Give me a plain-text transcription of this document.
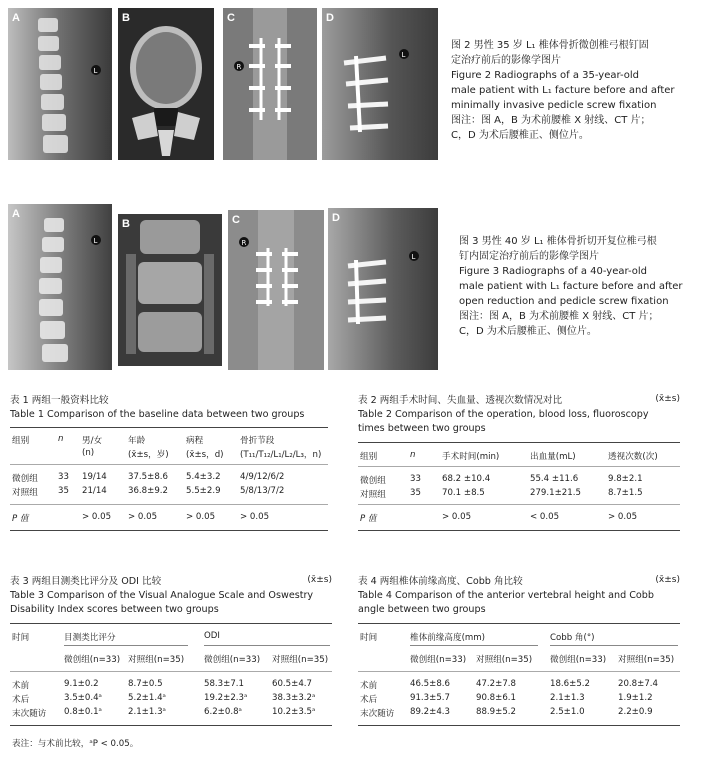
L
A	B
R
C
L
D
图 2 男性 35 岁 L₁ 椎体骨折微创椎弓根钉固
定治疗前后的影像学图片
Figure 2 Radiographs of a 35-year-old
male patient with L₁ facture before and after
minimally invasive pedicle screw fixation
图注：图 A，B 为术前腰椎 X 射线、CT 片；
C，D 为术后腰椎正、侧位片。
L
A
B
R
C
L
D
图 3 男性 40 岁 L₁ 椎体骨折切开复位椎弓根
钉内固定治疗前后的影像学图片
Figure 3 Radiographs of a 40-year-old
male patient with L₁ facture before and after
open reduction and pedicle screw fixation
图注：图 A，B 为术前腰椎 X 射线、CT 片；
C，D 为术后腰椎正、侧位片。
表 1 两组一般资料比较
Table 1 Comparison of the baseline data between two groups
组别	n 男/女	年龄	病程	骨折节段
(n)	(x̄±s，岁) (x̄±s，d) (T₁₁/T₁₂/L₁/L₂/L₃，n)
微创组 33 19/14 37.5±8.6 5.4±3.2 4/9/12/6/2
对照组 35 21/14 36.8±9.2 5.5±2.9 5/8/13/7/2
P 值	> 0.05 > 0.05	> 0.05	> 0.05
表 2 两组手术时间、失血量、透视次数情况对比	(x̄±s)
Table 2 Comparison of the operation, blood loss, fluoroscopy
times between two groups
组别	n	手术时间(min)	出血量(mL)	透视次数(次)
微创组	33 68.2 ±10.4	55.4 ±11.6	9.8±2.1
对照组	35 70.1 ±8.5	279.1±21.5	8.7±1.5
P 值	> 0.05	< 0.05	> 0.05
表 3 两组目测类比评分及 ODI 比较	(x̄±s)
Table 3 Comparison of the Visual Analogue Scale and Oswestry
Disability Index scores between two groups
时间	目测类比评分	ODI
微创组(n=33) 对照组(n=35) 微创组(n=33) 对照组(n=35)
术前	9.1±0.2	8.7±0.5	58.3±7.1	60.5±4.7
术后	3.5±0.4ᵃ	5.2±1.4ᵃ	19.2±2.3ᵃ	38.3±3.2ᵃ
末次随访 0.8±0.1ᵃ	2.1±1.3ᵃ	6.2±0.8ᵃ	10.2±3.5ᵃ
表注：与术前比较，ᵃP < 0.05。
表 4 两组椎体前缘高度、Cobb 角比较	(x̄±s)
Table 4 Comparison of the anterior vertebral height and Cobb
angle between two groups
时间	椎体前缘高度(mm)	Cobb 角(°)
微创组(n=33) 对照组(n=35) 微创组(n=33) 对照组(n=35)
术前	46.5±8.6	47.2±7.8	18.6±5.2	20.8±7.4
术后	91.3±5.7	90.8±6.1	2.1±1.3	1.9±1.2
末次随访 89.2±4.3	88.9±5.2	2.5±1.0	2.2±0.9
